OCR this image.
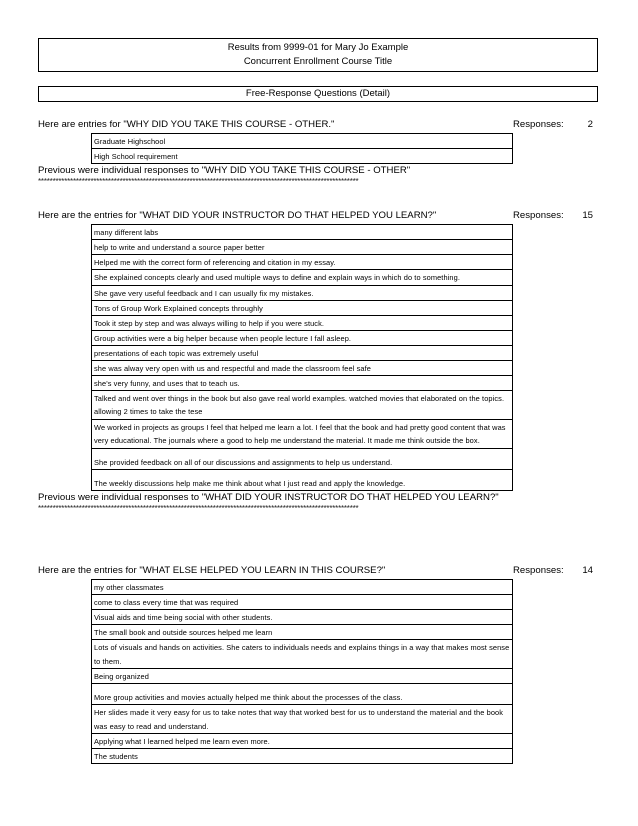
Results from 9999-01 for Mary Jo Example
Concurrent Enrollment Course Title
Free-Response Questions (Detail)
Here are entries for "WHY DID YOU TAKE THIS COURSE - OTHER."	Responses:	2
Graduate Highschool
High School requirement
Previous were individual responses to "WHY DID YOU TAKE THIS COURSE - OTHER"
**************************************************************************************************************
Here are the entries for "WHAT DID YOUR INSTRUCTOR DO THAT HELPED YOU LEARN?"	Responses:	15
many different labs
help to write and understand a source paper better
Helped me with the correct form of referencing and citation in my essay.
She explained concepts clearly and used multiple ways to define and explain ways in which do to something.
She gave very useful feedback and I can usually fix my mistakes.
Tons of Group Work Explained concepts throughly
Took it step by step and was always willing to help if you were stuck.
Group activities were a big helper because when people lecture I fall asleep.
presentations of each topic was extremely useful
she was alway very open with us and respectful and made the classroom feel safe
she's very funny, and uses that to teach us.
Talked and went over things in the book but also gave real world examples. watched movies that elaborated on the topics. allowing 2 times to take the tese
We worked in projects as groups I feel that helped me learn a lot. I feel that the book and had pretty good content that was very educational. The journals where a good to help me understand the material. It made me think outside the box.
She provided feedback on all of our discussions and assignments to help us understand.
The weekly discussions help make me think about what I just read and apply the knowledge.
Previous were individual responses to "WHAT DID YOUR INSTRUCTOR DO THAT HELPED YOU LEARN?"
**************************************************************************************************************
Here are the entries for "WHAT ELSE HELPED YOU LEARN IN THIS COURSE?"	Responses:	14
my other classmates
come to class every time that was required
Visual aids and time being social with other students.
The small book and outside sources helped me learn
Lots of visuals and hands on activities. She caters to individuals needs and explains things in a way that makes most sense to them.
Being organized
More group activities and movies actually helped me think about the processes of the class.
Her slides made it very easy for us to take notes that way that worked best for us to understand the material and the book was easy to read and understand.
Applying what I learned helped me learn even more.
The students
